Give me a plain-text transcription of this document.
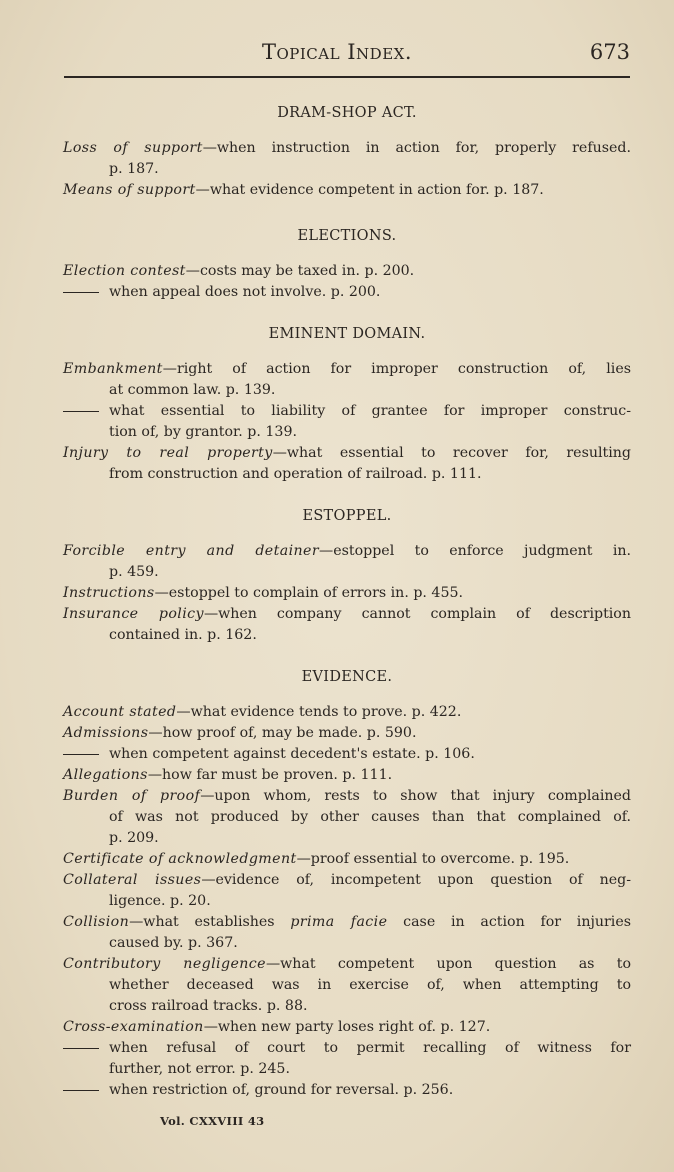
Topical Index.	673
DRAM-SHOP ACT.
Loss of support—when instruction in action for, properly refused.
p. 187.
Means of support—what evidence competent in action for. p. 187.
ELECTIONS.
Election contest—costs may be taxed in. p. 200.
when appeal does not involve. p. 200.
EMINENT DOMAIN.
Embankment—right of action for improper construction of, lies
at common law. p. 139.
what essential to liability of grantee for improper construc-
tion of, by grantor. p. 139.
Injury to real property—what essential to recover for, resulting
from construction and operation of railroad. p. 111.
ESTOPPEL.
Forcible entry and detainer—estoppel to enforce judgment in.
p. 459.
Instructions—estoppel to complain of errors in. p. 455.
Insurance policy—when company cannot complain of description
contained in. p. 162.
EVIDENCE.
Account stated—what evidence tends to prove. p. 422.
Admissions—how proof of, may be made. p. 590.
when competent against decedent's estate. p. 106.
Allegations—how far must be proven. p. 111.
Burden of proof—upon whom, rests to show that injury complained
of was not produced by other causes than that complained of.
p. 209.
Certificate of acknowledgment—proof essential to overcome. p. 195.
Collateral issues—evidence of, incompetent upon question of neg-
ligence. p. 20.
Collision—what establishes prima facie case in action for injuries
caused by. p. 367.
Contributory negligence—what competent upon question as to
whether deceased was in exercise of, when attempting to
cross railroad tracks. p. 88.
Cross-examination—when new party loses right of. p. 127.
when refusal of court to permit recalling of witness for
further, not error. p. 245.
when restriction of, ground for reversal. p. 256.
Vol. CXXVIII 43
